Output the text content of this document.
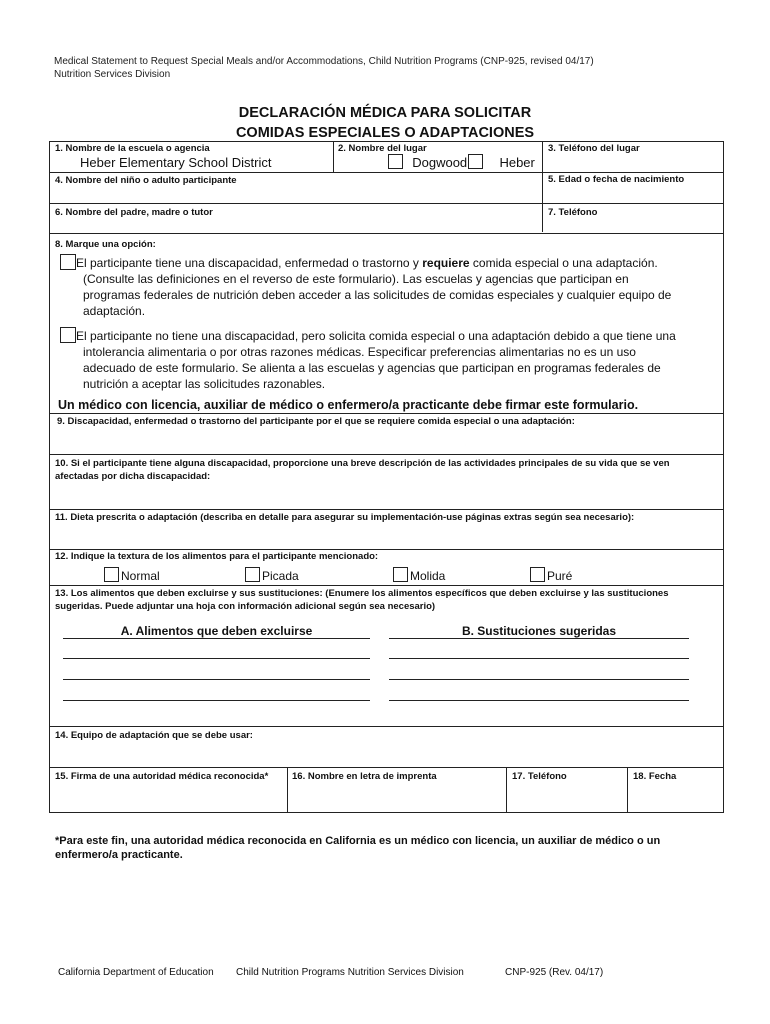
Medical Statement to Request Special Meals and/or Accommodations, Child Nutrition Programs (CNP-925, revised 04/17)
Nutrition Services Division
DECLARACIÓN MÉDICA PARA SOLICITAR
COMIDAS ESPECIALES O ADAPTACIONES
1. Nombre de la escuela o agencia
Heber Elementary School District
2. Nombre del lugar
Dogwood	Heber
3. Teléfono del lugar
4. Nombre del niño o adulto participante	5. Edad o fecha de nacimiento
6. Nombre del padre, madre o tutor	7. Teléfono
8. Marque una opción:
El participante tiene una discapacidad, enfermedad o trastorno y requiere comida especial o una adaptación.
(Consulte las definiciones en el reverso de este formulario). Las escuelas y agencias que participan en
programas federales de nutrición deben acceder a las solicitudes de comidas especiales y cualquier equipo de
adaptación.
El participante no tiene una discapacidad, pero solicita comida especial o una adaptación debido a que tiene una
intolerancia alimentaria o por otras razones médicas. Especificar preferencias alimentarias no es un uso
adecuado de este formulario. Se alienta a las escuelas y agencias que participan en programas federales de
nutrición a aceptar las solicitudes razonables.
Un médico con licencia, auxiliar de médico o enfermero/a practicante debe firmar este formulario.
9. Discapacidad, enfermedad o trastorno del participante por el que se requiere comida especial o una adaptación:
10. Si el participante tiene alguna discapacidad, proporcione una breve descripción de las actividades principales de su vida que se ven
afectadas por dicha discapacidad:
11. Dieta prescrita o adaptación (describa en detalle para asegurar su implementación-use páginas extras según sea necesario):
12. Indique la textura de los alimentos para el participante mencionado:
Normal	Picada	Molida	Puré
13. Los alimentos que deben excluirse y sus sustituciones: (Enumere los alimentos específicos que deben excluirse y las sustituciones
sugeridas. Puede adjuntar una hoja con información adicional según sea necesario)
A. Alimentos que deben excluirse	B. Sustituciones sugeridas
14. Equipo de adaptación que se debe usar:
15. Firma de una autoridad médica reconocida* 16. Nombre en letra de imprenta	17. Teléfono	18. Fecha
*Para este fin, una autoridad médica reconocida en California es un médico con licencia, un auxiliar de médico o un
enfermero/a practicante.
California Department of Education Child Nutrition Programs Nutrition Services Division	CNP-925 (Rev. 04/17)
